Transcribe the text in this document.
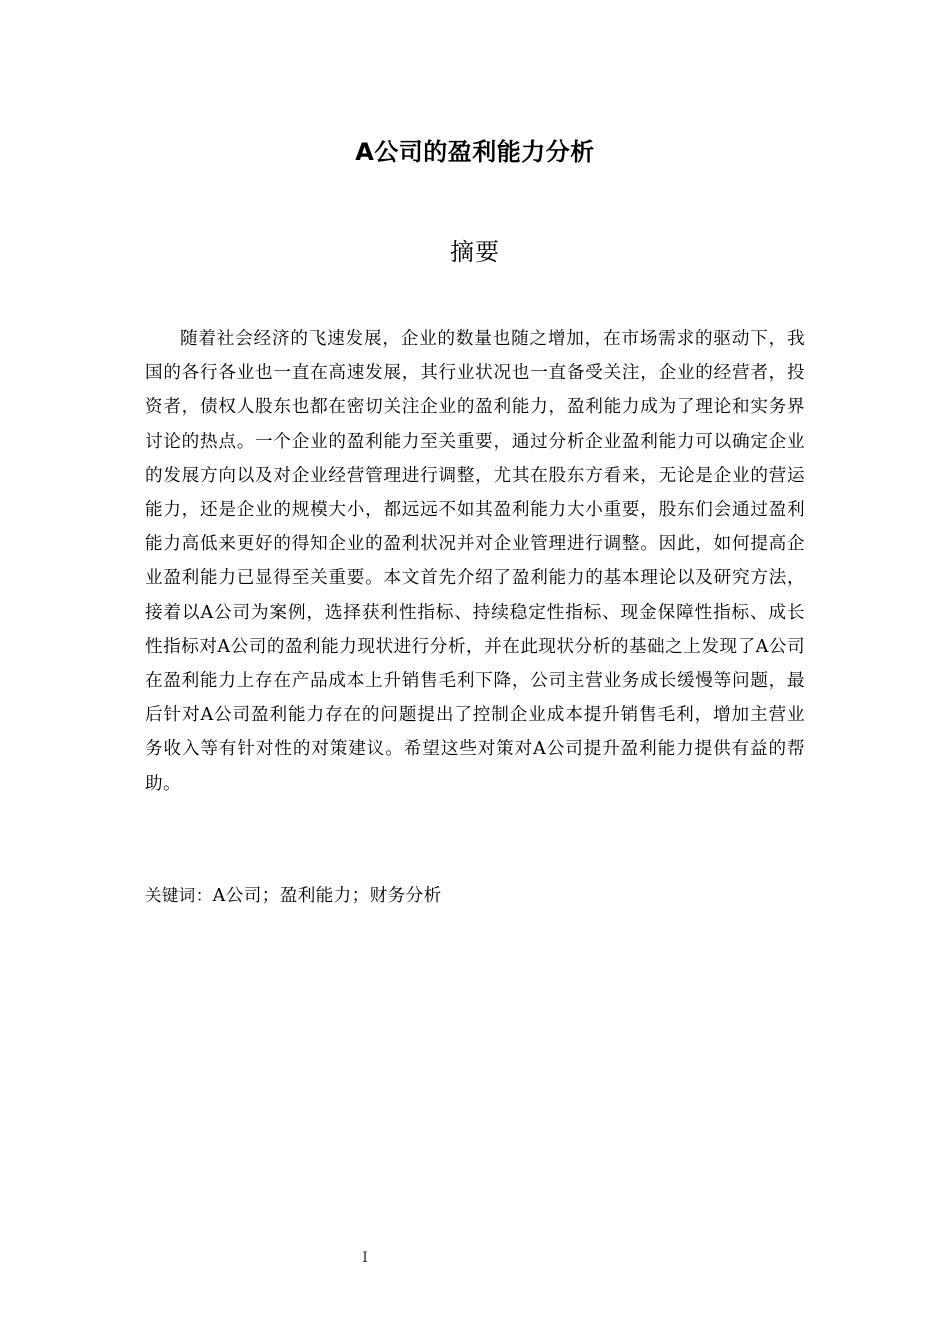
A公司的盈利能力分析
摘要

随着社会经济的飞速发展，企业的数量也随之增加，在市场需求的驱动下，我国的各行各业也一直在高速发展，其行业状况也一直备受关注，企业的经营者，投资者，债权人股东也都在密切关注企业的盈利能力，盈利能力成为了理论和实务界讨论的热点。一个企业的盈利能力至关重要，通过分析企业盈利能力可以确定企业的发展方向以及对企业经营管理进行调整，尤其在股东方看来，无论是企业的营运能力，还是企业的规模大小，都远远不如其盈利能力大小重要，股东们会通过盈利能力高低来更好的得知企业的盈利状况并对企业管理进行调整。因此，如何提高企业盈利能力已显得至关重要。本文首先介绍了盈利能力的基本理论以及研究方法，接着以A公司为案例，选择获利性指标、持续稳定性指标、现金保障性指标、成长性指标对A公司的盈利能力现状进行分析，并在此现状分析的基础之上发现了A公司在盈利能力上存在产品成本上升销售毛利下降，公司主营业务成长缓慢等问题，最后针对A公司盈利能力存在的问题提出了控制企业成本提升销售毛利，增加主营业务收入等有针对性的对策建议。希望这些对策对A公司提升盈利能力提供有益的帮助。

关键词：A公司；盈利能力；财务分析
I
